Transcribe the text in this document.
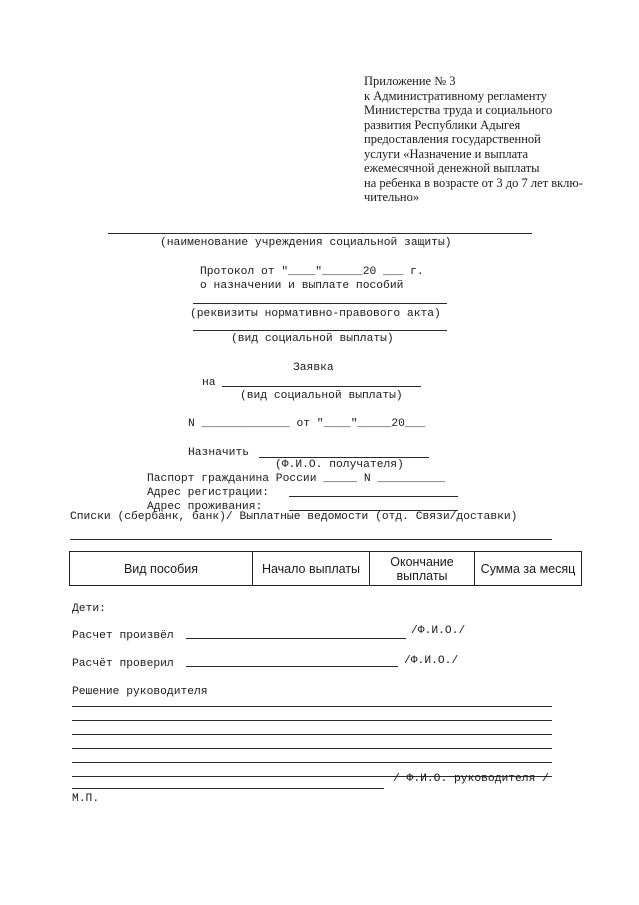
Приложение № 3
к Административному регламенту
Министерства труда и социального
развития Республики Адыгея
предоставления государственной
услуги «Назначение и выплата
ежемесячной денежной выплаты
на ребенка в возрасте от 3 до 7 лет вклю-
чительно»
(наименование учреждения социальной защиты)
Протокол от "____"______20 ___ г.
о назначении и выплате пособий
(реквизиты нормативно-правового акта)
(вид социальной выплаты)
Заявка
на
(вид социальной выплаты)
N _____________ от "____"_____20___
Назначить
(Ф.И.О. получателя)
Паспорт гражданина России _____ N __________
Адрес регистрации:
Адрес проживания:
Списки (сбербанк, банк)/ Выплатные ведомости (отд. Связи/доставки)
Вид пособия	Начало выплаты	Окончание выплаты	Сумма за месяц
Дети:
Расчет произвёл	/Ф.И.О./
Расчёт проверил	/Ф.И.О./
Решение руководителя
/ Ф.И.О. руководителя /
М.П.
